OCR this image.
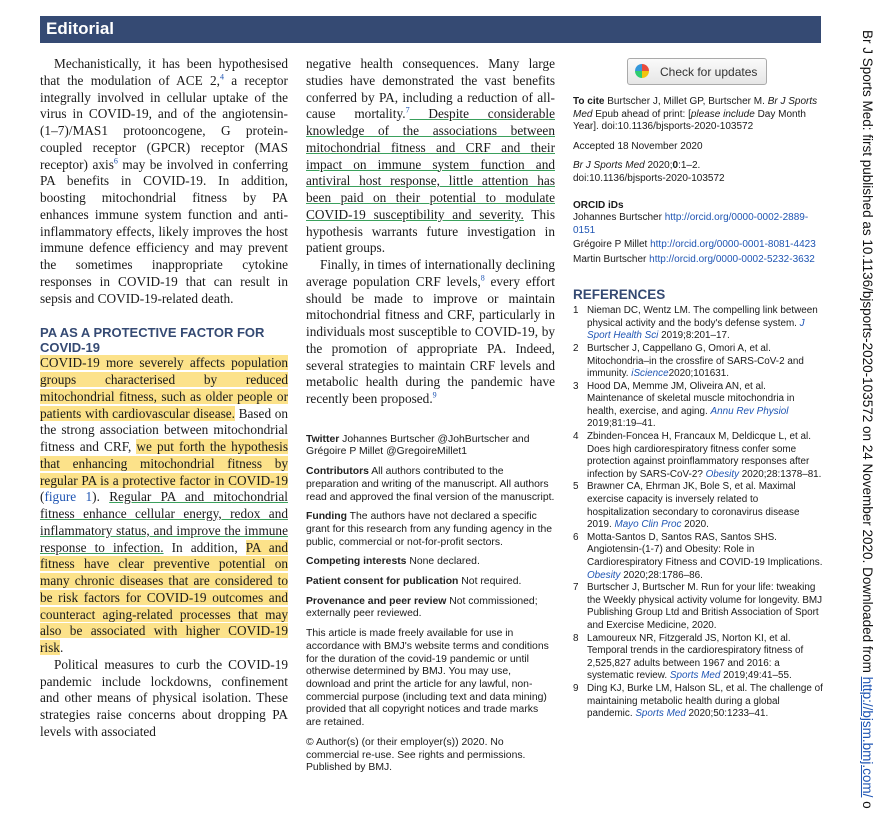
Editorial

Mechanistically, it has been hypothesised that the modulation of ACE 2,$^4$ a receptor integrally involved in cellular uptake of the virus in COVID-19, and of the angiotensin-(1–7)/MAS1 protooncogene, G protein-coupled receptor (GPCR) receptor (MAS receptor) axis$^6$ may be involved in conferring PA benefits in COVID-19. In addition, boosting mitochondrial fitness by PA enhances immune system function and anti-inflammatory effects, likely improves the host immune defence efficiency and may prevent the sometimes inappropriate cytokine responses in COVID-19 that can result in sepsis and COVID-19-related death.

PA AS A PROTECTIVE FACTOR FOR COVID-19

COVID-19 more severely affects population groups characterised by reduced mitochondrial fitness, such as older people or patients with cardiovascular disease. Based on the strong association between mitochondrial fitness and CRF, we put forth the hypothesis that enhancing mitochondrial fitness by regular PA is a protective factor in COVID-19 (figure 1). Regular PA and mitochondrial fitness enhance cellular energy, redox and inflammatory status, and improve the immune response to infection. In addition, PA and fitness have clear preventive potential on many chronic diseases that are considered to be risk factors for COVID-19 outcomes and counteract aging-related processes that may also be associated with higher COVID-19 risk.

Political measures to curb the COVID-19 pandemic include lockdowns, confinement and other means of physical isolation. These strategies raise concerns about dropping PA levels with associated

negative health consequences. Many large studies have demonstrated the vast benefits conferred by PA, including a reduction of all-cause mortality.$^7$ Despite considerable knowledge of the associations between mitochondrial fitness and CRF and their impact on immune system function and antiviral host response, little attention has been paid on their potential to modulate COVID-19 susceptibility and severity. This hypothesis warrants future investigation in patient groups.

Finally, in times of internationally declining average population CRF levels,$^8$ every effort should be made to improve or maintain mitochondrial fitness and CRF, particularly in individuals most susceptible to COVID-19, by the promotion of appropriate PA. Indeed, several strategies to maintain CRF levels and metabolic health during the pandemic have recently been proposed.$^9$

Twitter Johannes Burtscher @JohBurtscher and Grégoire P Millet @GregoireMillet1

Contributors All authors contributed to the preparation and writing of the manuscript. All authors read and approved the final version of the manuscript.

Funding The authors have not declared a specific grant for this research from any funding agency in the public, commercial or not-for-profit sectors.

Competing interests None declared.

Patient consent for publication Not required.

Provenance and peer review Not commissioned; externally peer reviewed.

This article is made freely available for use in accordance with BMJ's website terms and conditions for the duration of the covid-19 pandemic or until otherwise determined by BMJ. You may use, download and print the article for any lawful, non-commercial purpose (including text and data mining) provided that all copyright notices and trade marks are retained.

© Author(s) (or their employer(s)) 2020. No commercial re-use. See rights and permissions. Published by BMJ.

Check for updates

To cite Burtscher J, Millet GP, Burtscher M. Br J Sports Med Epub ahead of print: [please include Day Month Year]. doi:10.1136/bjsports-2020-103572

Accepted 18 November 2020

Br J Sports Med 2020;0:1–2.
doi:10.1136/bjsports-2020-103572

ORCID iDs

Johannes Burtscher http://orcid.org/0000-0002-2889-0151

Grégoire P Millet http://orcid.org/0000-0001-8081-4423

Martin Burtscher http://orcid.org/0000-0002-5232-3632

REFERENCES
1 Nieman DC, Wentz LM. The compelling link between physical activity and the body's defense system. J Sport Health Sci 2019;8:201–17.
2 Burtscher J, Cappellano G, Omori A, et al. Mitochondria–in the crossfire of SARS-CoV-2 and immunity. iScience2020;101631.
3 Hood DA, Memme JM, Oliveira AN, et al. Maintenance of skeletal muscle mitochondria in health, exercise, and aging. Annu Rev Physiol 2019;81:19–41.
4 Zbinden-Foncea H, Francaux M, Deldicque L, et al. Does high cardiorespiratory fitness confer some protection against proinflammatory responses after infection by SARS-CoV-2? Obesity 2020;28:1378–81.
5 Brawner CA, Ehrman JK, Bole S, et al. Maximal exercise capacity is inversely related to hospitalization secondary to coronavirus disease 2019. Mayo Clin Proc 2020.
6 Motta-Santos D, Santos RAS, Santos SHS. Angiotensin-(1-7) and Obesity: Role in Cardiorespiratory Fitness and COVID-19 Implications. Obesity 2020;28:1786–86.
7 Burtscher J, Burtscher M. Run for your life: tweaking the Weekly physical activity volume for longevity. BMJ Publishing Group Ltd and British Association of Sport and Exercise Medicine, 2020.
8 Lamoureux NR, Fitzgerald JS, Norton KI, et al. Temporal trends in the cardiorespiratory fitness of 2,525,827 adults between 1967 and 2016: a systematic review. Sports Med 2019;49:41–55.
9 Ding KJ, Burke LM, Halson SL, et al. The challenge of maintaining metabolic health during a global pandemic. Sports Med 2020;50:1233–41.
Br J Sports Med: first published as 10.1136/bjsports-2020-103572 on 24 November 2020. Downloaded from http://bjsm.bmj.com/ o
